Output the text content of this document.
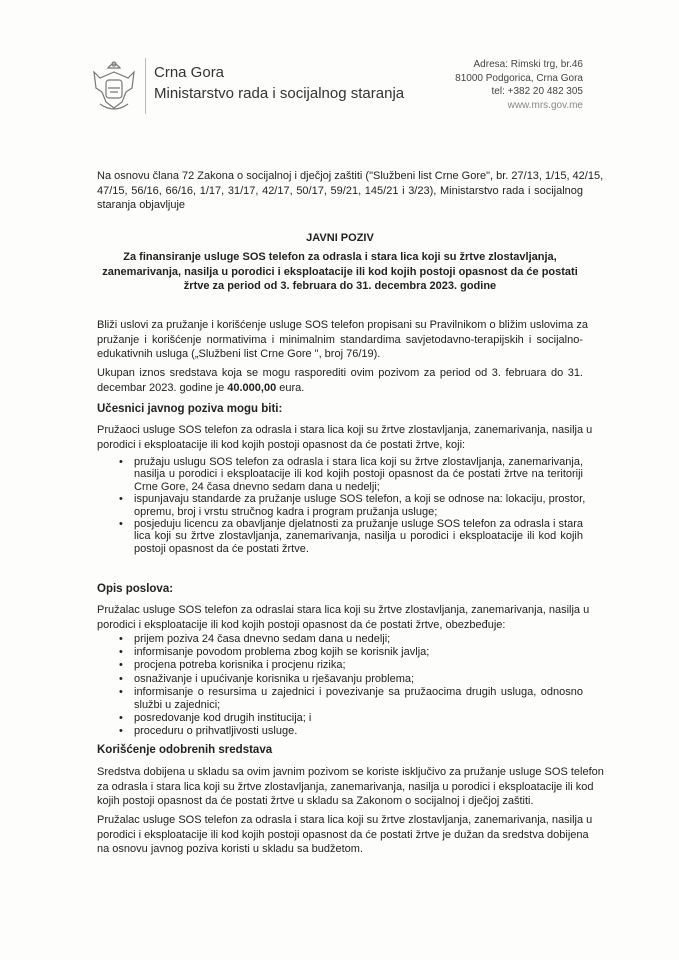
Crna Gora
Ministarstvo rada i socijalnog staranja
Adresa: Rimski trg, br.46
81000 Podgorica, Crna Gora
tel: +382 20 482 305
www.mrs.gov.me
Na osnovu člana 72 Zakona o socijalnoj i dječjoj zaštiti ("Službeni list Crne Gore", br. 27/13, 1/15, 42/15,
47/15, 56/16, 66/16, 1/17, 31/17, 42/17, 50/17, 59/21, 145/21 i 3/23), Ministarstvo rada i socijalnog
staranja objavljuje
JAVNI POZIV
Za finansiranje usluge SOS telefon za odrasla i stara lica koji su žrtve zlostavljanja,
zanemarivanja, nasilja u porodici i eksploatacije ili kod kojih postoji opasnost da će postati
žrtve za period od 3. februara do 31. decembra 2023. godine
Bliži uslovi za pružanje i korišćenje usluge SOS telefon propisani su Pravilnikom o bližim uslovima za
pružanje i korišćenje normativima i minimalnim standardima savjetodavno-terapijskih i socijalno-
edukativnih usluga („Službeni list Crne Gore ", broj 76/19).
Ukupan iznos sredstava koja se mogu rasporediti ovim pozivom za period od 3. februara do 31.
decembar 2023. godine je 40.000,00 eura.
Učesnici javnog poziva mogu biti:
Pružaoci usluge SOS telefon za odrasla i stara lica koji su žrtve zlostavljanja, zanemarivanja, nasilja u
porodici i eksploatacije ili kod kojih postoji opasnost da će postati žrtve, koji:
• pružaju uslugu SOS telefon za odrasla i stara lica koji su žrtve zlostavljanja, zanemarivanja,
nasilja u porodici i eksploatacije ili kod kojih postoji opasnost da će postati žrtve na teritoriji
Crne Gore, 24 časa dnevno sedam dana u nedelji;
• ispunjavaju standarde za pružanje usluge SOS telefon, a koji se odnose na: lokaciju, prostor,
opremu, broj i vrstu stručnog kadra i program pružanja usluge;
• posjeduju licencu za obavljanje djelatnosti za pružanje usluge SOS telefon za odrasla i stara
lica koji su žrtve zlostavljanja, zanemarivanja, nasilja u porodici i eksploatacije ili kod kojih
postoji opasnost da će postati žrtve.
Opis poslova:
Pružalac usluge SOS telefon za odraslai stara lica koji su žrtve zlostavljanja, zanemarivanja, nasilja u
porodici i eksploatacije ili kod kojih postoji opasnost da će postati žrtve, obezbeđuje:
• prijem poziva 24 časa dnevno sedam dana u nedelji;
• informisanje povodom problema zbog kojih se korisnik javlja;
• procjena potreba korisnika i procjenu rizika;
• osnaživanje i upućivanje korisnika u rješavanju problema;
• informisanje o resursima u zajednici i povezivanje sa pružaocima drugih usluga, odnosno
službi u zajednici;
• posredovanje kod drugih institucija; i
• proceduru o prihvatljivosti usluge.
Korišćenje odobrenih sredstava
Sredstva dobijena u skladu sa ovim javnim pozivom se koriste isključivo za pružanje usluge SOS telefon
za odrasla i stara lica koji su žrtve zlostavljanja, zanemarivanja, nasilja u porodici i eksploatacije ili kod
kojih postoji opasnost da će postati žrtve u skladu sa Zakonom o socijalnoj i dječjoj zaštiti.
Pružalac usluge SOS telefon za odrasla i stara lica koji su žrtve zlostavljanja, zanemarivanja, nasilja u
porodici i eksploatacije ili kod kojih postoji opasnost da će postati žrtve je dužan da sredstva dobijena
na osnovu javnog poziva koristi u skladu sa budžetom.
